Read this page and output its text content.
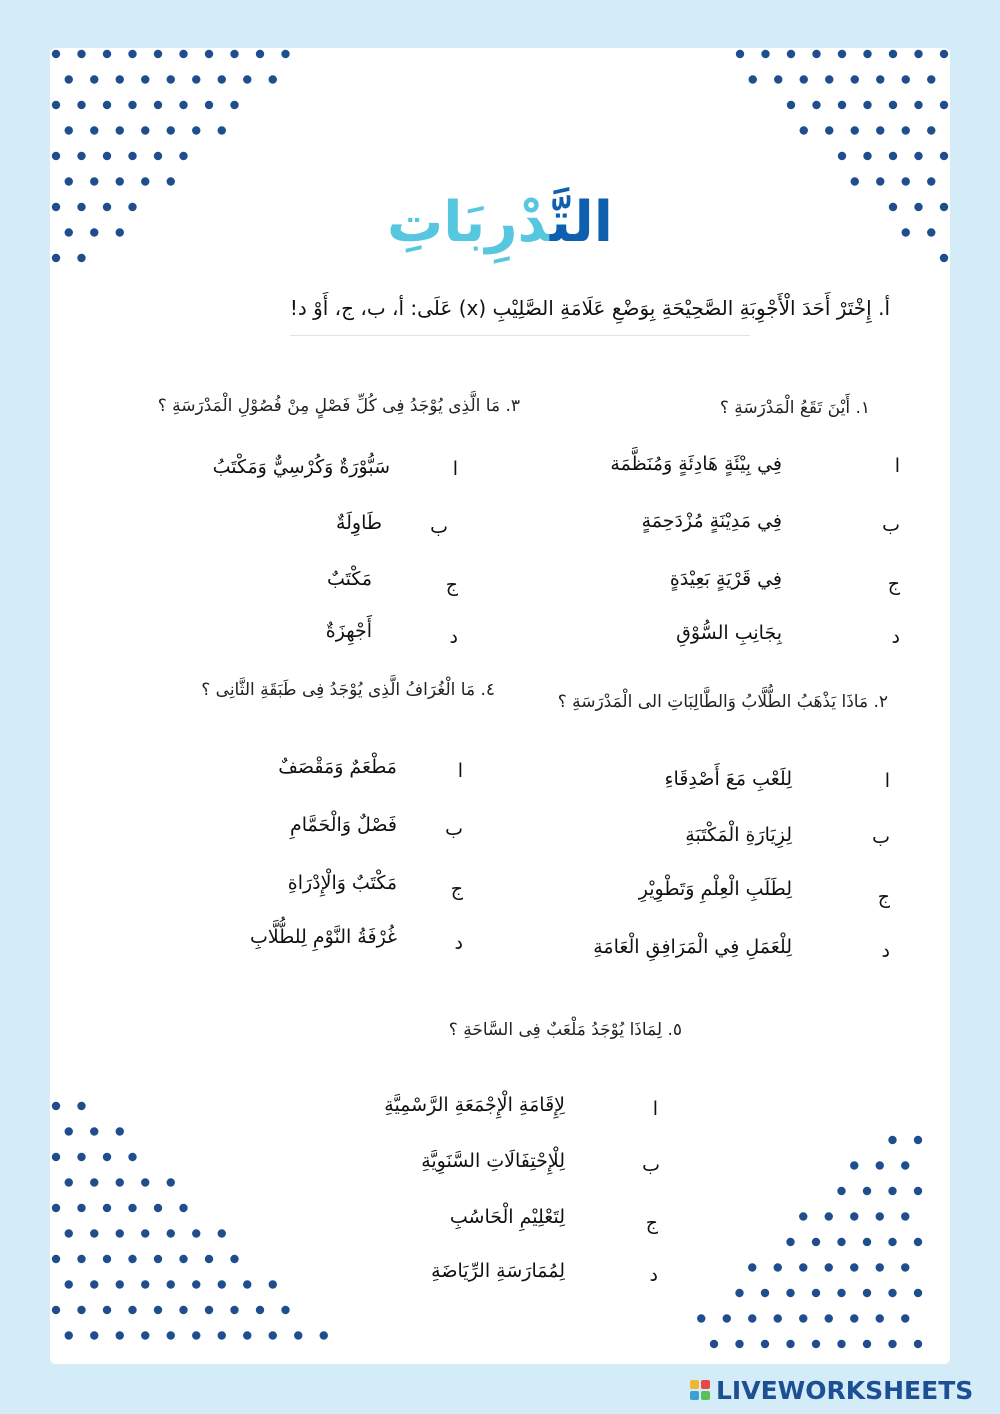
التَّدْرِبَاتِ
أ. إِخْتَرْ أَحَدَ الْأَجْوِبَةِ الصَّحِيْحَةِ بِوَضْعِ عَلَامَةِ الصَّلِيْبِ (x) عَلَى: أ، ب، ج، أَوْ د!
١. أَيْنَ تَقَعُ الْمَدْرَسَةِ ؟
ا
فِي بِيْئَةٍ هَادِئَةٍ وَمُنَظَّمَة
ب
فِي مَدِيْنَةٍ مُزْدَحِمَةٍ
ج
فِي قَرْيَةٍ بَعِيْدَةٍ
د
بِجَانِبِ السُّوْقِ
٢. مَاذَا يَذْهَبُ الطُّلَّابُ وَالطَّالِبَاتِ الى الْمَدْرَسَةِ ؟
ا
لِلَعْبِ مَعَ أَصْدِقَاءِ
ب
لِزِيَارَةِ الْمَكْتَبَةِ
ج
لِطَلَبِ الْعِلْمِ وَتَطْوِيْرِ
د
لِلْعَمَلِ فِي الْمَرَافِقِ الْعَامَةِ
٣. مَا الَّذِى يُوْجَدُ فِى كُلِّ فَصْلٍ مِنْ فُصُوْلِ الْمَدْرَسَةِ ؟
ا
سَبُّوْرَةٌ وَكُرْسِيٌّ وَمَكْتَبُ
ب
طَاوِلَةٌ
ج
مَكْتَبٌ
د
أَجْهِزَةٌ
٤. مَا الْغُرَافُ الَّذِى يُوْجَدُ فِى طَبَقَةِ الثَّانِى ؟
ا
مَطْعَمٌ وَمَقْصَفٌ
ب
فَصْلٌ وَالْحَمَّامِ
ج
مَكْتَبٌ وَالْإِدْرَاةِ
د
غُرْفَةُ النَّوْمِ لِلطُّلَّابِ
٥. لِمَاذَا يُوْجَدُ مَلْعَبٌ فِى السَّاحَةِ ؟
ا
لِإِقَامَةِ الْإِجْمَعَةِ الرَّسْمِيَّةِ
ب
لِلْإِحْتِفَالَاتِ السَّنَوِيَّةِ
ج
لِتَعْلِيْمِ الْحَاسُبِ
د
لِمُمَارَسَةِ الرِّيَاضَةِ
LIVEWORKSHEETS
